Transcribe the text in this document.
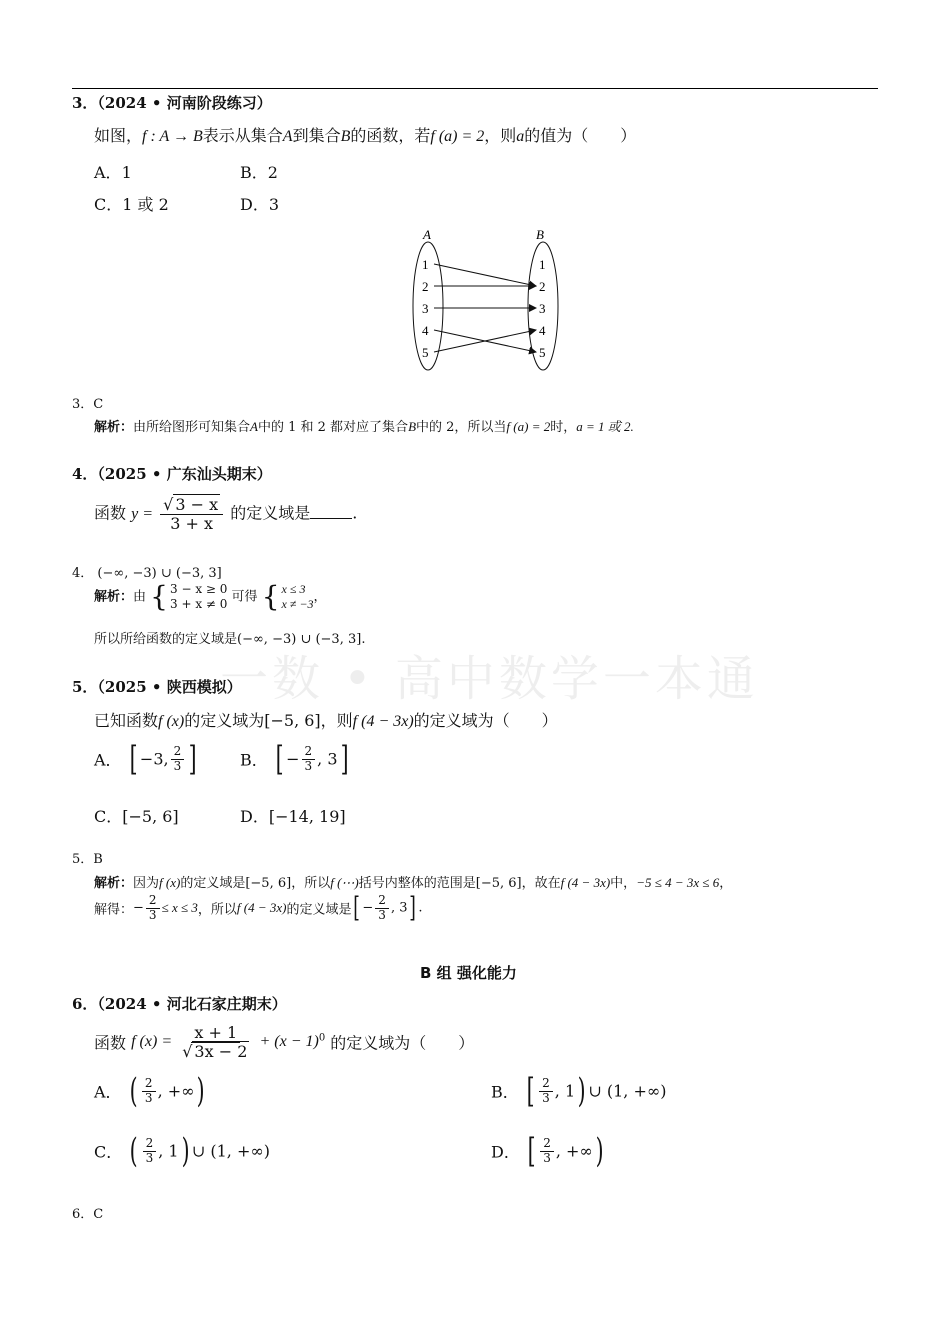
一数 • 高中数学一本通
3．（2024 • 河南阶段练习）
如图，f : A → B表示从集合A到集合B的函数，若f (a) = 2，则a的值为（　　）
A．1	B．2
C．1 或 2	D．3
A	B
1
2
3
4
5
1
2
3
4
5
3．C
解析：由所给图形可知集合A中的 1 和 2 都对应了集合B中的 2，所以当f (a) = 2时，a = 1 或 2.
4．（2025 • 广东汕头期末）
函数 $y = \frac{√ 3 - x}{3 + x}$ 的定义域是	.
4． (−∞, −3) ∪ (−3, 3]
解析：由 { 3 − x ≥ 0
3 + x ≠ 0 可得 { x ≤ 3
x ≠ −3 ，
所以所给函数的定义域是(−∞, −3) ∪ (−3, 3].
5．（2025 • 陕西模拟）
已知函数f (x)的定义域为[−5, 6]，则f (4 − 3x)的定义域为（　　）
A． [ −3, $\frac{2}{3}$ ]	B． [ − $\frac{2}{3}$ , 3]
C．[−5, 6]	D．[−14, 19]
5．B
解析：因为f (x)的定义域是[−5, 6]，所以f (⋯)括号内整体的范围是[−5, 6]，故在f (4 − 3x)中，−5 ≤ 4 − 3x ≤ 6，
解得：− $\frac{2}{3} \le x \le 3$，所以f (4 − 3x)的定义域是[ − $\frac{2}{3}$ , 3] .
B 组 强化能力
6．（2024 • 河北石家庄期末）
函数 f $(x) = \frac{x + 1}{√ 3x - 2} + (x - 1)^0$ 的定义域为（　　）
A． ( $\frac{2}{3}$ , +∞)	B． [ $\frac{2}{3}$ , 1) ∪ (1, +∞)
C． ( $\frac{2}{3}$ , 1) ∪ (1, +∞)	D． [ $\frac{2}{3}$ , +∞)
6．C
